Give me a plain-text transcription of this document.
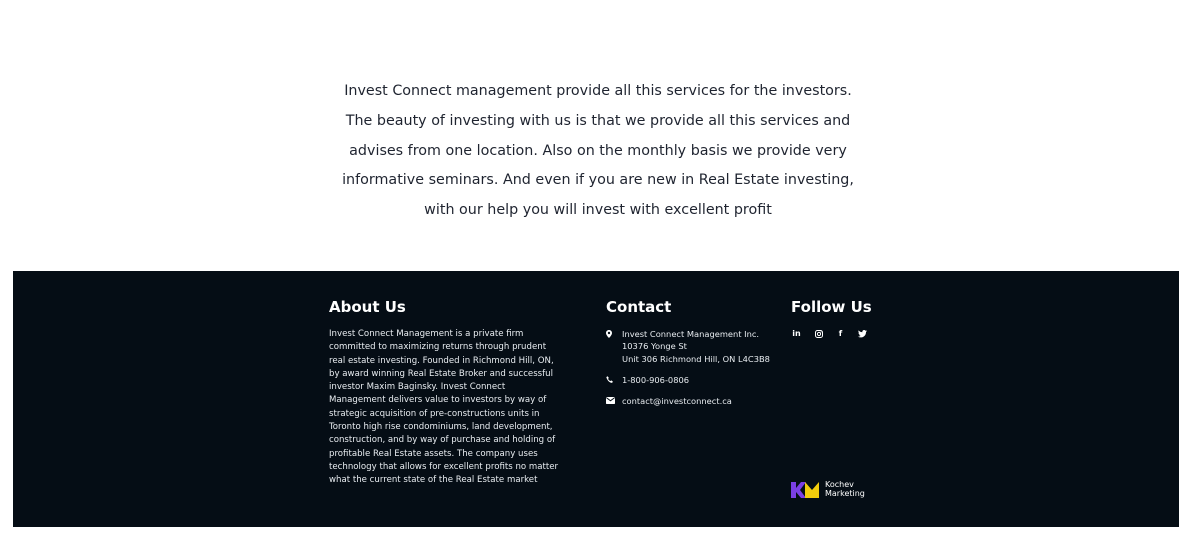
Invest Connect management provide all this services for the investors. The beauty of investing with us is that we provide all this services and advises from one location. Also on the monthly basis we provide very informative seminars. And even if you are new in Real Estate investing, with our help you will invest with excellent profit
About Us
Invest Connect Management is a private firm committed to maximizing returns through prudent real estate investing. Founded in Richmond Hill, ON, by award winning Real Estate Broker and successful investor Maxim Baginsky. Invest Connect Management delivers value to investors by way of strategic acquisition of pre-constructions units in Toronto high rise condominiums, land development, construction, and by way of purchase and holding of profitable Real Estate assets. The company uses technology that allows for excellent profits no matter what the current state of the Real Estate market
Contact
Invest Connect Management Inc.
10376 Yonge St
Unit 306 Richmond Hill, ON L4C3B8
1-800-906-0806
contact@investconnect.ca
Follow Us
in	f
Kochev
Marketing
